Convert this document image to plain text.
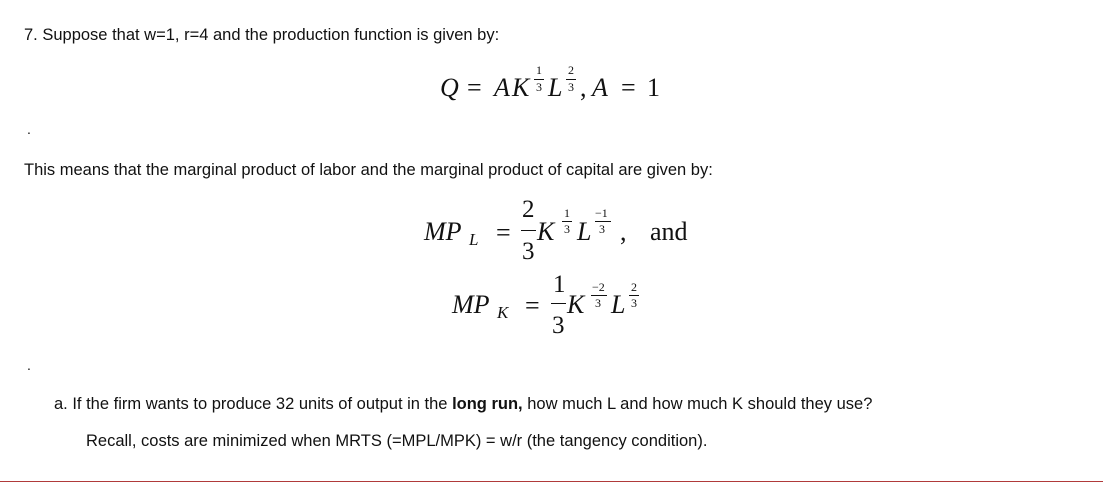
7. Suppose that w=1, r=4 and the production function is given by:
Q = A K
1
3 L
2
3 , A = 1
.
This means that the marginal product of labor and the marginal product of capital are given by:
MP L =
2
3
K
1
3 L
−1
3 , and
MP K =
1
3
K
−2
3 L
2
3
.
a. If the firm wants to produce 32 units of output in the long run, how much L and how much K should they use?
Recall, costs are minimized when MRTS (=MPL/MPK) = w/r (the tangency condition).
